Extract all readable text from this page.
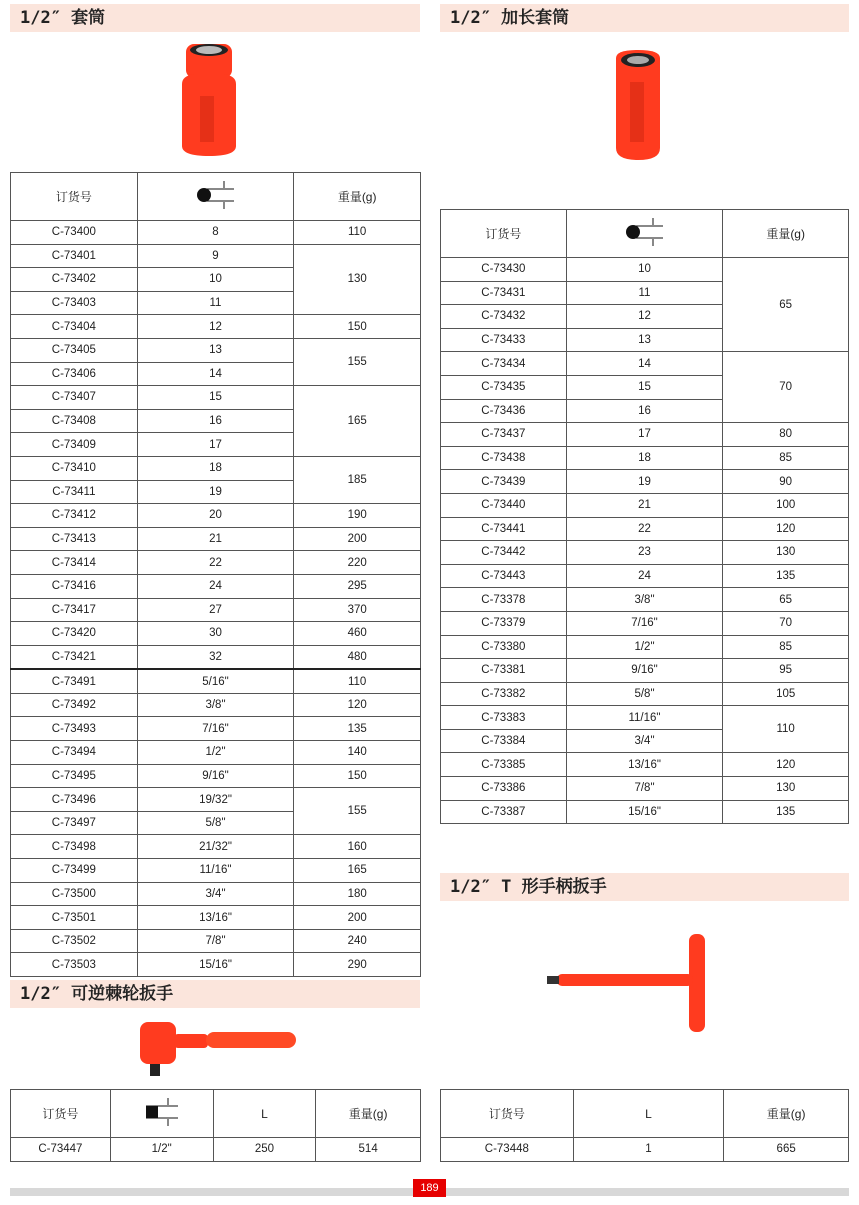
1/2″ 套筒	1/2″ 加长套筒
1/2″ 可逆棘轮扳手
1/2″ T 形手柄扳手
订货号		重量(g)
C-73400	8	110
C-73401	9	130
C-73402	10	
C-73403	11	
C-73404	12	150
C-73405	13	155
C-73406	14	
C-73407	15	165
C-73408	16	
C-73409	17	
C-73410	18	185
C-73411	19	
C-73412	20	190
C-73413	21	200
C-73414	22	220
C-73416	24	295
C-73417	27	370
C-73420	30	460
C-73421	32	480
C-73491	5/16"	110
C-73492	3/8"	120
C-73493	7/16"	135
C-73494	1/2"	140
C-73495	9/16"	150
C-73496	19/32"	155
C-73497	5/8"	
C-73498	21/32"	160
C-73499	11/16"	165
C-73500	3/4"	180
C-73501	13/16"	200
C-73502	7/8"	240
C-73503	15/16"	290
订货号		重量(g)
C-73430	10	65
C-73431	11	
C-73432	12	
C-73433	13	
C-73434	14	70
C-73435	15	
C-73436	16	
C-73437	17	80
C-73438	18	85
C-73439	19	90
C-73440	21	100
C-73441	22	120
C-73442	23	130
C-73443	24	135
C-73378	3/8"	65
C-73379	7/16"	70
C-73380	1/2"	85
C-73381	9/16"	95
C-73382	5/8"	105
C-73383	11/16"	110
C-73384	3/4"	
C-73385	13/16"	120
C-73386	7/8"	130
C-73387	15/16"	135
订货号		L	重量(g)
C-73447	1/2"	250	514
订货号	L	重量(g)
C-73448	1	665
189
